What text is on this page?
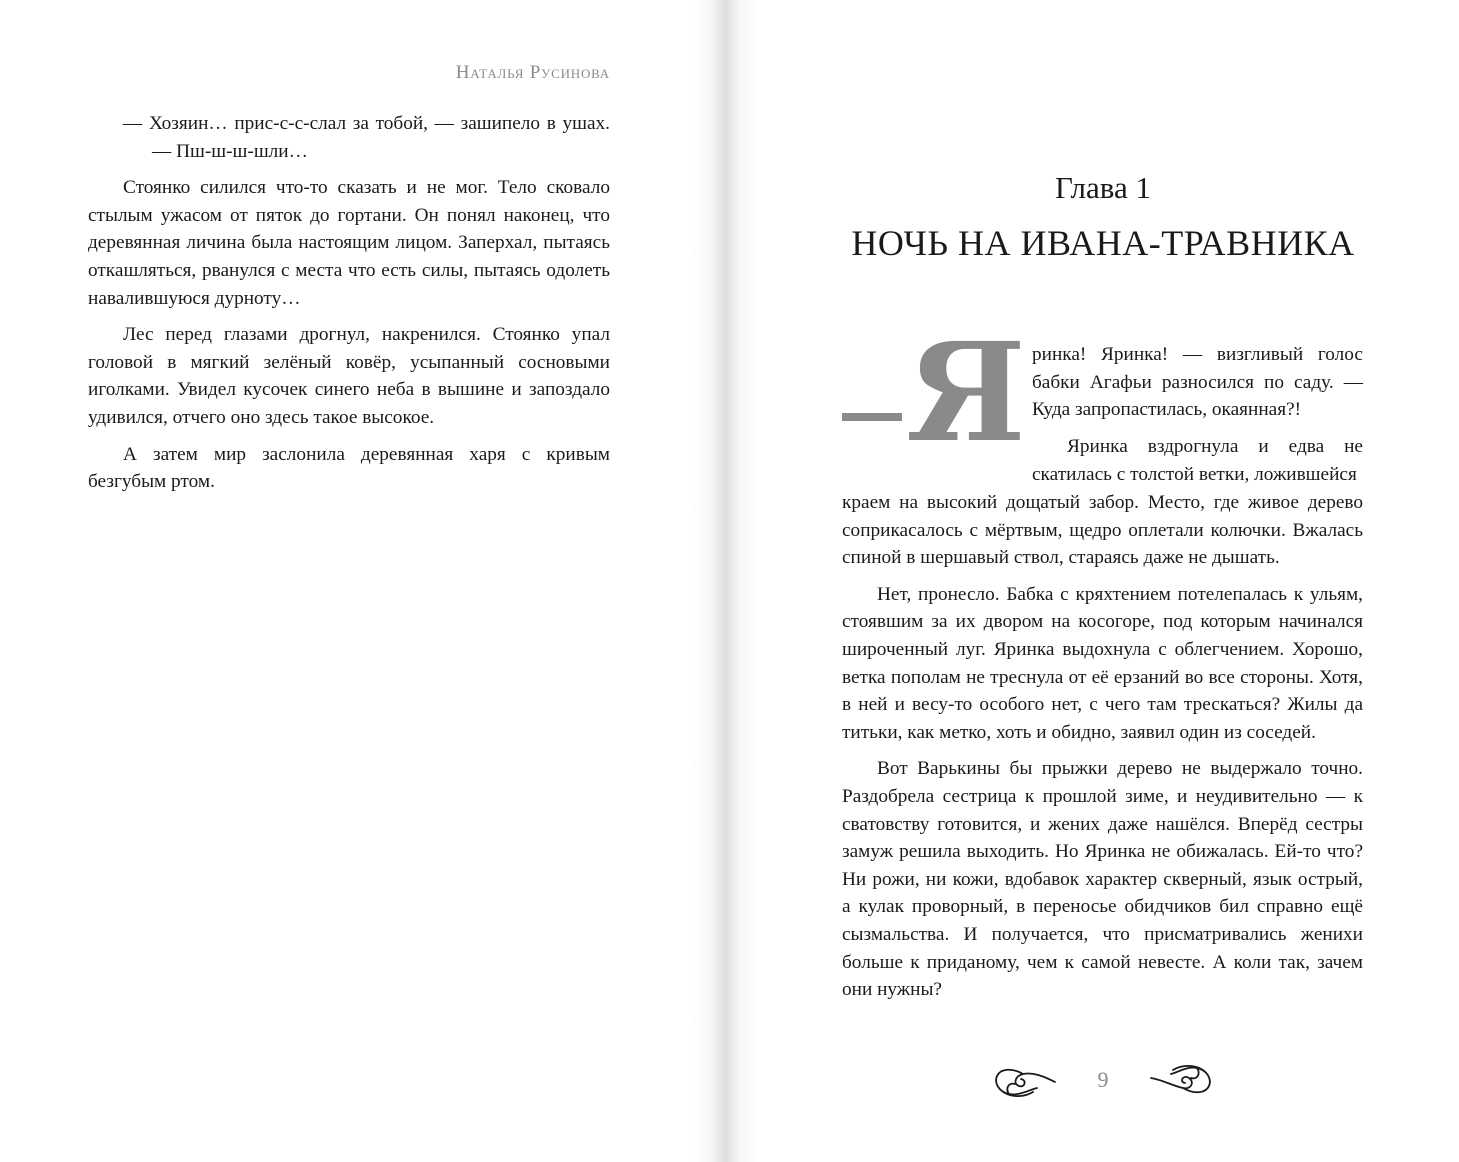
Наталья Русинова

— Хозяин… прис-с-с-слал за тобой, — зашипело в ушах. — Пш-ш-ш-шли…

Стоянко силился что-то сказать и не мог. Тело сковало стылым ужасом от пяток до гортани. Он понял наконец, что деревянная личина была настоящим лицом. Заперхал, пытаясь откашляться, рванулся с места что есть силы, пытаясь одолеть навалившуюся дурноту…

Лес перед глазами дрогнул, накренился. Стоянко упал головой в мягкий зелёный ковёр, усыпанный сосновыми иголками. Увидел кусочек синего неба в вышине и запоздало удивился, отчего оно здесь такое высокое.

А затем мир заслонила деревянная харя с кривым безгубым ртом.

Глава 1
НОЧЬ НА ИВАНА-ТРАВНИКА
Я ринка! Яринка! — визгливый голос бабки Агафьи разносился по саду. — Куда запропастилась, окаянная?!

Яринка вздрогнула и едва не скатилась с толстой ветки, ложившейся

краем на высокий дощатый забор. Место, где живое дерево соприкасалось с мёртвым, щедро оплетали колючки. Вжалась спиной в шершавый ствол, стараясь даже не дышать.

Нет, пронесло. Бабка с кряхтением потелепалась к ульям, стоявшим за их двором на косогоре, под которым начинался широченный луг. Яринка выдохнула с облегчением. Хорошо, ветка пополам не треснула от её ерзаний во все стороны. Хотя, в ней и весу-то особого нет, с чего там трескаться? Жилы да титьки, как метко, хоть и обидно, заявил один из соседей.

Вот Варькины бы прыжки дерево не выдержало точно. Раздобрела сестрица к прошлой зиме, и неудивительно — к сватовству готовится, и жених даже нашёлся. Вперёд сестры замуж решила выходить. Но Яринка не обижалась. Ей-то что? Ни рожи, ни кожи, вдобавок характер скверный, язык острый, а кулак проворный, в переносье обидчиков бил справно ещё сызмальства. И получается, что присматривались женихи больше к приданому, чем к самой невесте. А коли так, зачем они нужны?

9
